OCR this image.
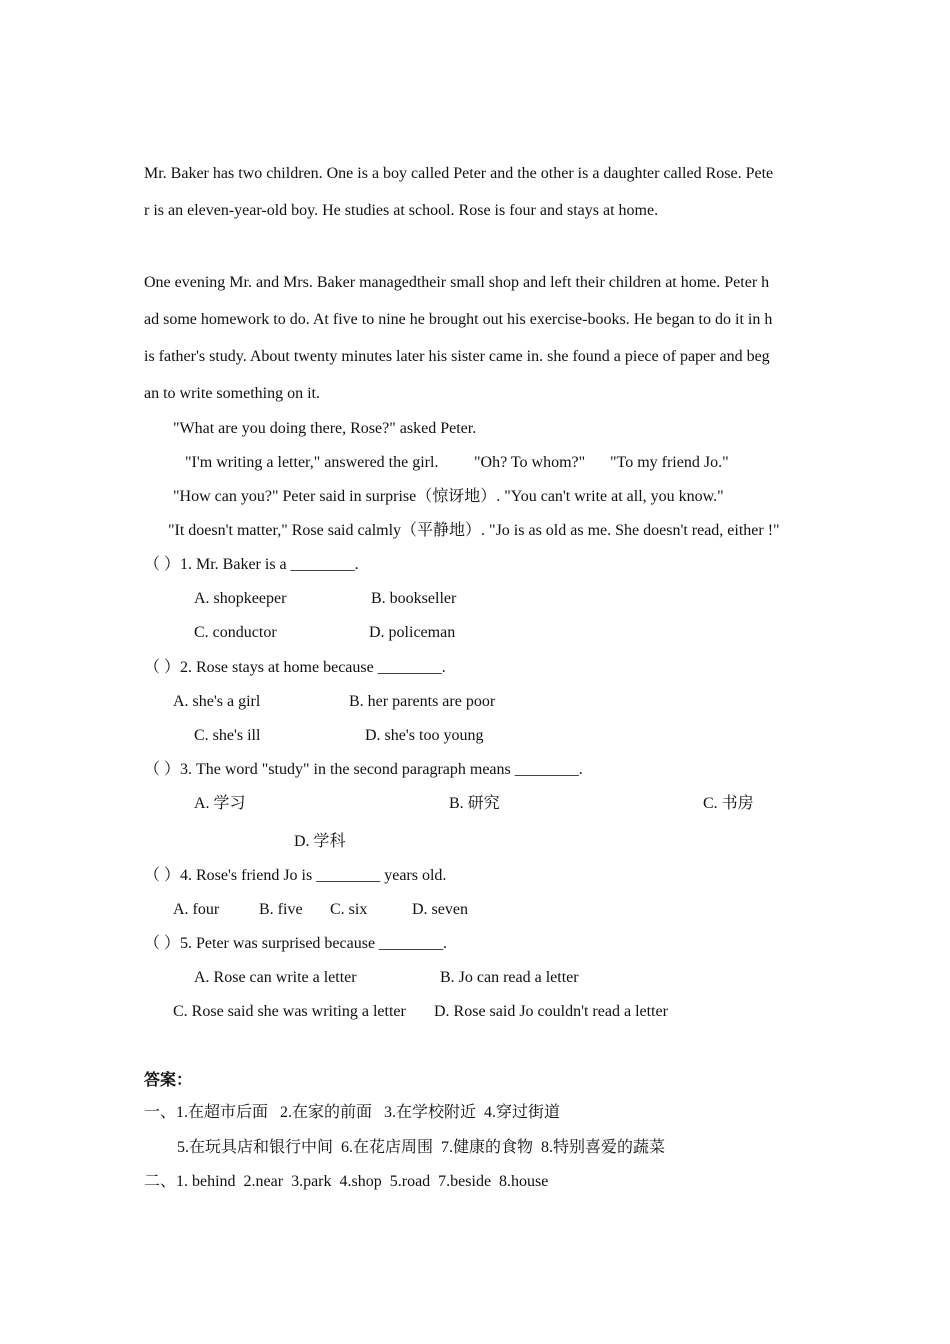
Mr. Baker has two children. One is a boy called Peter and the other is a daughter called Rose. Pete
r is an eleven-year-old boy. He studies at school. Rose is four and stays at home.
One evening Mr. and Mrs. Baker managedtheir small shop and left their children at home. Peter h
ad some homework to do. At five to nine he brought out his exercise-books. He began to do it in h
is father's study. About twenty minutes later his sister came in. she found a piece of paper and beg
an to write something on it.
"What are you doing there, Rose?" asked Peter.
"I'm writing a letter," answered the girl. "Oh? To whom?" "To my friend Jo."
"How can you?" Peter said in surprise（惊讶地）. "You can't write at all, you know."
"It doesn't matter," Rose said calmly（平静地）. "Jo is as old as me. She doesn't read, either !"
（ ）1. Mr. Baker is a ________.
A. shopkeeper	B. bookseller
C. conductor	D. policeman
（ ）2. Rose stays at home because ________.
A. she's a girl	B. her parents are poor
C. she's ill	D. she's too young
（ ）3. The word "study" in the second paragraph means ________.
A. 学习	B. 研究	C. 书房
D. 学科
（ ）4. Rose's friend Jo is ________ years old.
A. four B. five C. six	D. seven
（ ）5. Peter was surprised because ________.
A. Rose can write a letter	B. Jo can read a letter
C. Rose said she was writing a letter D. Rose said Jo couldn't read a letter
答案：
一、1.在超市后面   2.在家的前面   3.在学校附近  4.穿过街道
5.在玩具店和银行中间  6.在花店周围  7.健康的食物  8.特别喜爱的蔬菜
二、1. behind  2.near  3.park  4.shop  5.road  7.beside  8.house
